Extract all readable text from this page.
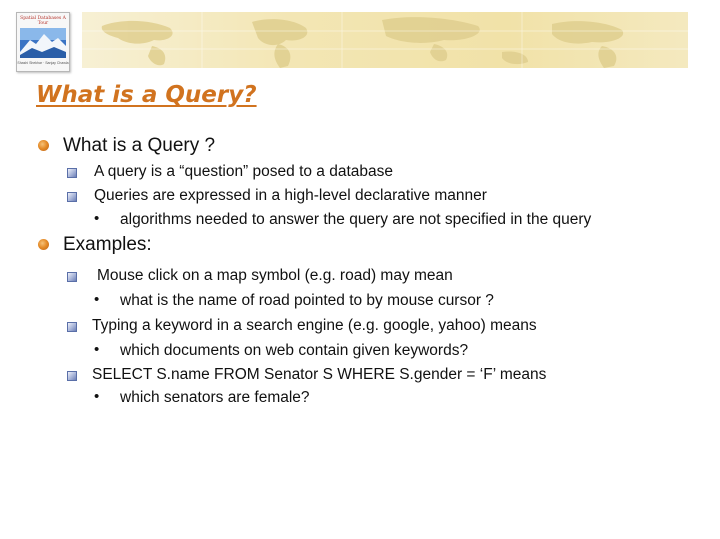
Spatial Databases A Tour
Shashi Shekhar · Sanjay Chawla
What is a Query?
What is a Query ?
A query is a “question” posed to a database
Queries are expressed in a high-level declarative manner
• algorithms needed to answer the query are not specified in the query
Examples:
Mouse click on a map symbol (e.g. road) may mean
• what is the name of road pointed to by mouse cursor ?
Typing a keyword in a search engine (e.g. google, yahoo) means
• which documents on web contain given keywords?
SELECT S.name FROM Senator S WHERE S.gender = ‘F’ means
• which senators are female?
